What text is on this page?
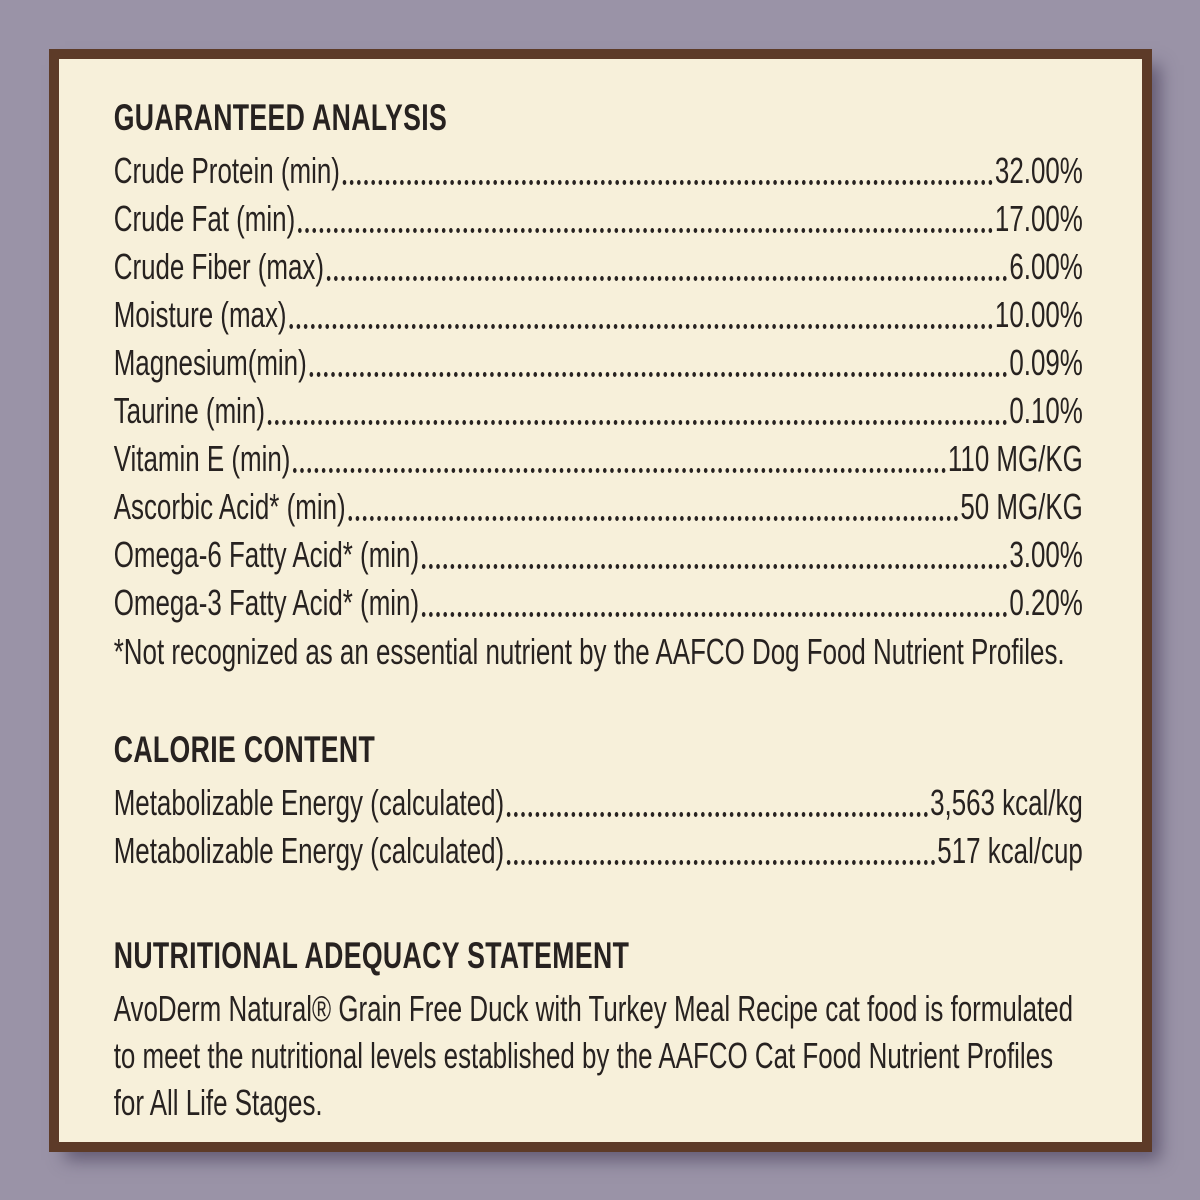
GUARANTEED ANALYSIS
Crude Protein (min)	32.00%
Crude Fat (min)	17.00%
Crude Fiber (max)	6.00%
Moisture (max)	10.00%
Magnesium(min)	0.09%
Taurine (min)	0.10%
Vitamin E (min)	110 MG/KG
Ascorbic Acid* (min)	50 MG/KG
Omega-6 Fatty Acid* (min)	3.00%
Omega-3 Fatty Acid* (min)	0.20%

*Not recognized as an essential nutrient by the AAFCO Dog Food Nutrient Profiles.

CALORIE CONTENT
Metabolizable Energy (calculated)	3,563 kcal/kg
Metabolizable Energy (calculated)	517 kcal/cup
NUTRITIONAL ADEQUACY STATEMENT

AvoDerm Natural® Grain Free Duck with Turkey Meal Recipe cat food is formulated to meet the nutritional levels established by the AAFCO Cat Food Nutrient Profiles for All Life Stages.
